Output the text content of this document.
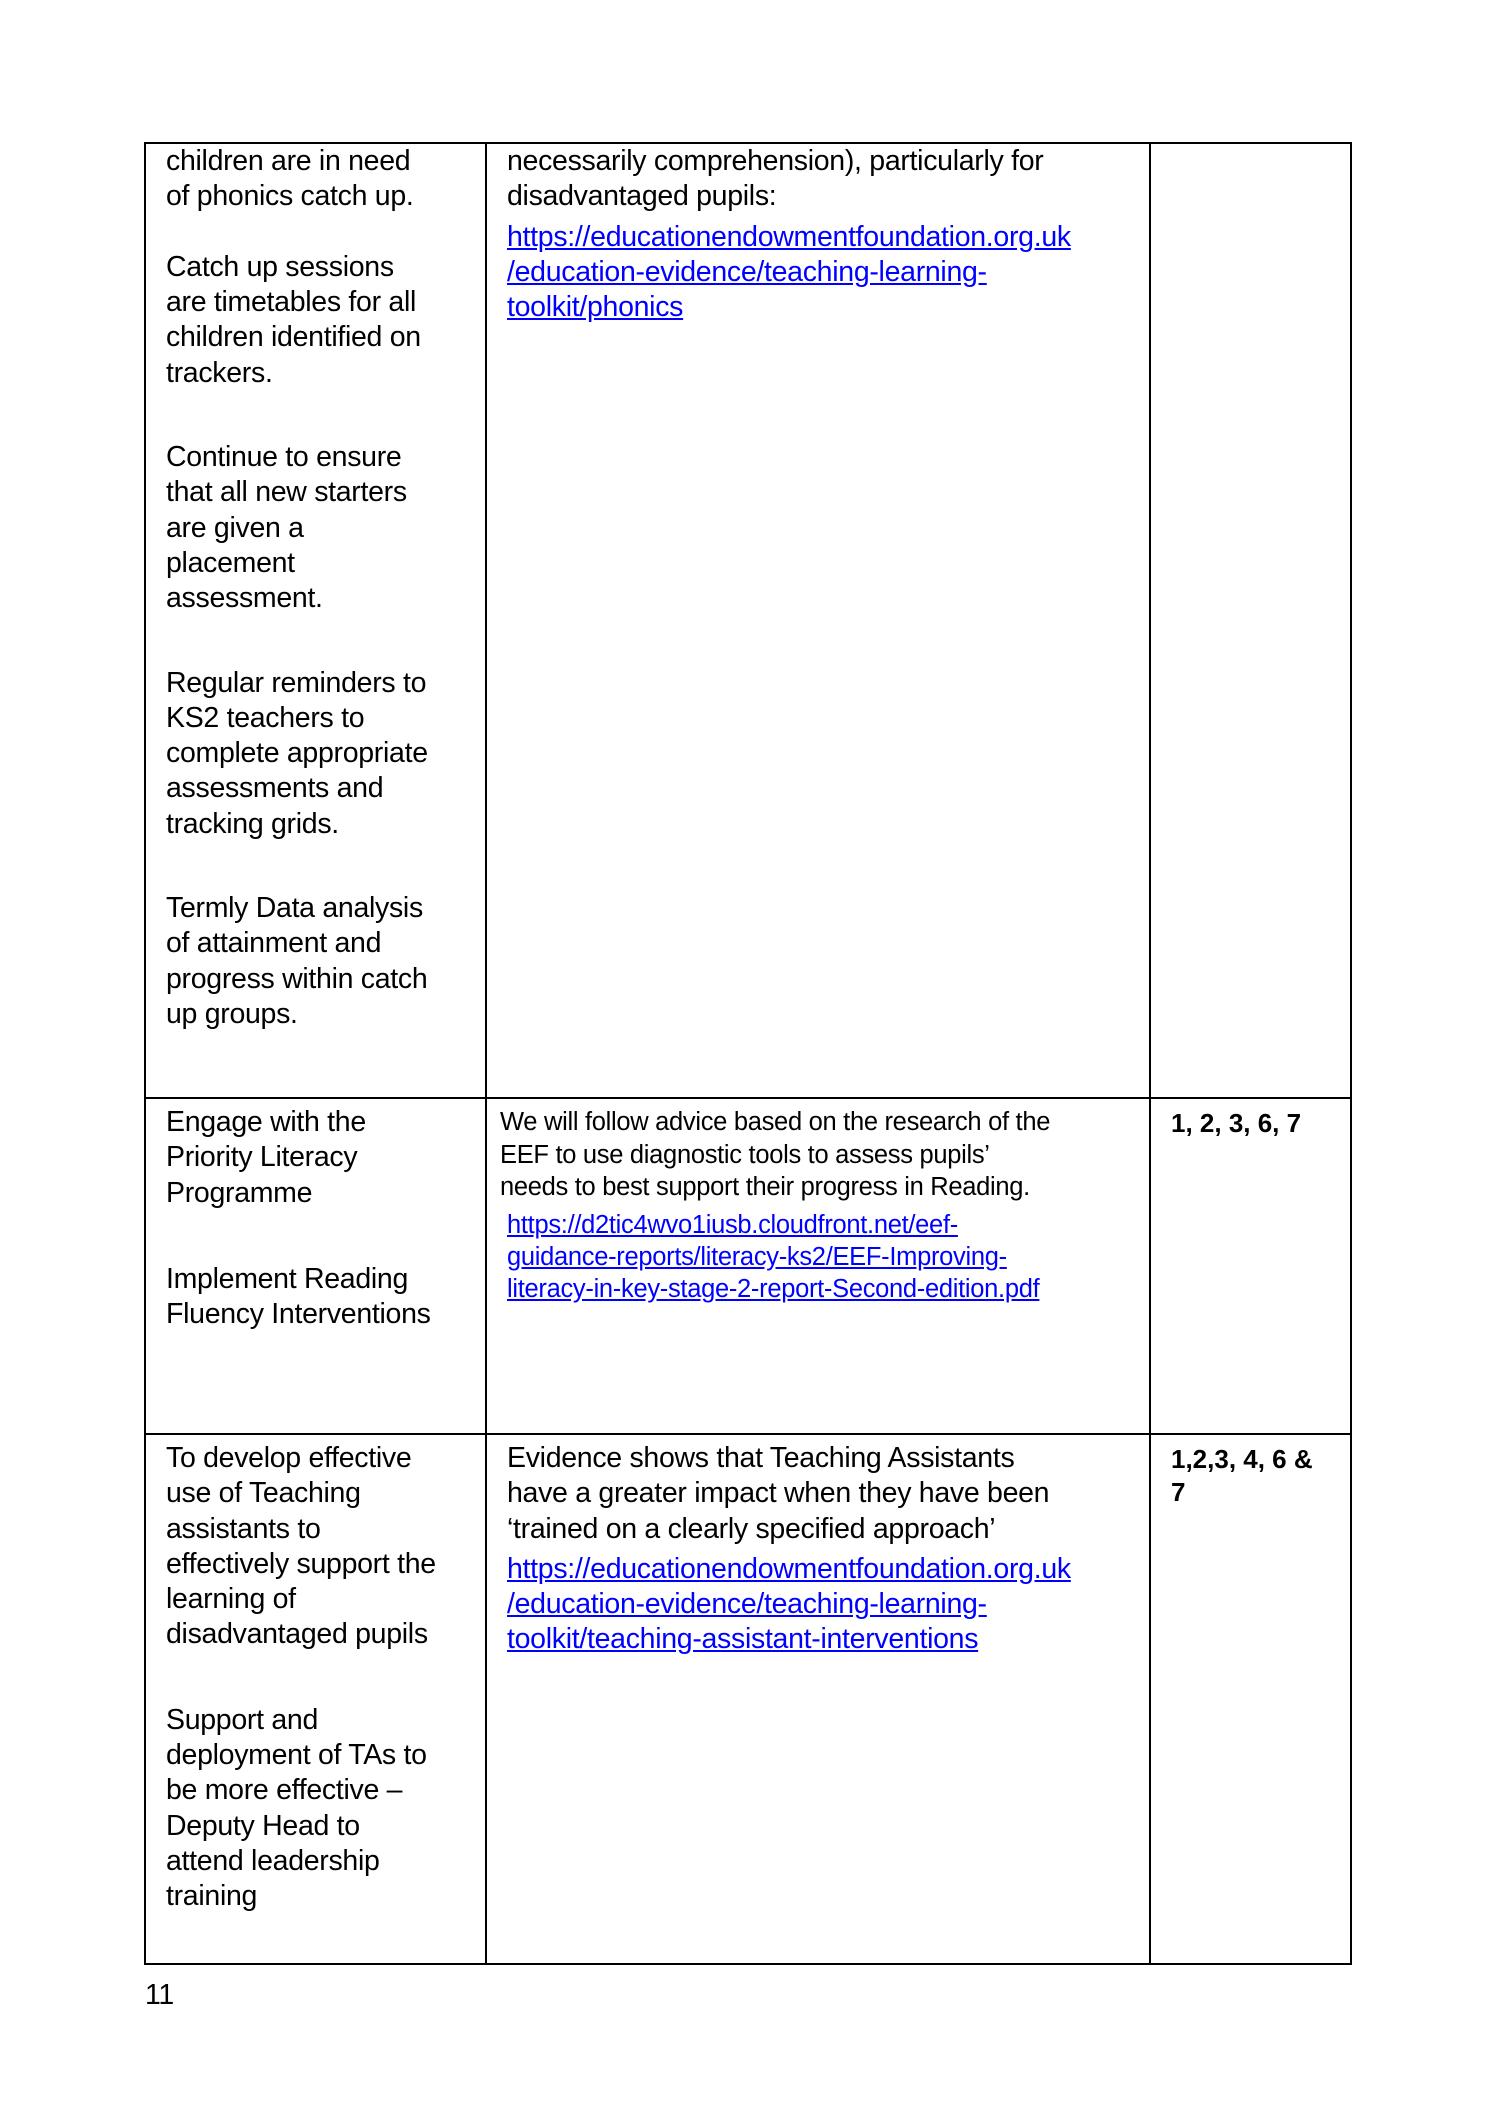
children are in need
of phonics catch up.
Catch up sessions
are timetables for all
children identified on
trackers.
Continue to ensure
that all new starters
are given a
placement
assessment.
Regular reminders to
KS2 teachers to
complete appropriate
assessments and
tracking grids.
Termly Data analysis
of attainment and
progress within catch
up groups.
necessarily comprehension), particularly for
disadvantaged pupils:
https://educationendowmentfoundation.org.uk
/education-evidence/teaching-learning-
toolkit/phonics
Engage with the
Priority Literacy
Programme
Implement Reading
Fluency Interventions
We will follow advice based on the research of the
EEF to use diagnostic tools to assess pupils’
needs to best support their progress in Reading.
https://d2tic4wvo1iusb.cloudfront.net/eef-
guidance-reports/literacy-ks2/EEF-Improving-
literacy-in-key-stage-2-report-Second-edition.pdf
1, 2, 3, 6, 7
To develop effective
use of Teaching
assistants to
effectively support the
learning of
disadvantaged pupils
Support and
deployment of TAs to
be more effective –
Deputy Head to
attend leadership
training
Evidence shows that Teaching Assistants
have a greater impact when they have been
‘trained on a clearly specified approach’
https://educationendowmentfoundation.org.uk
/education-evidence/teaching-learning-
toolkit/teaching-assistant-interventions
1,2,3, 4, 6 &
7
11
